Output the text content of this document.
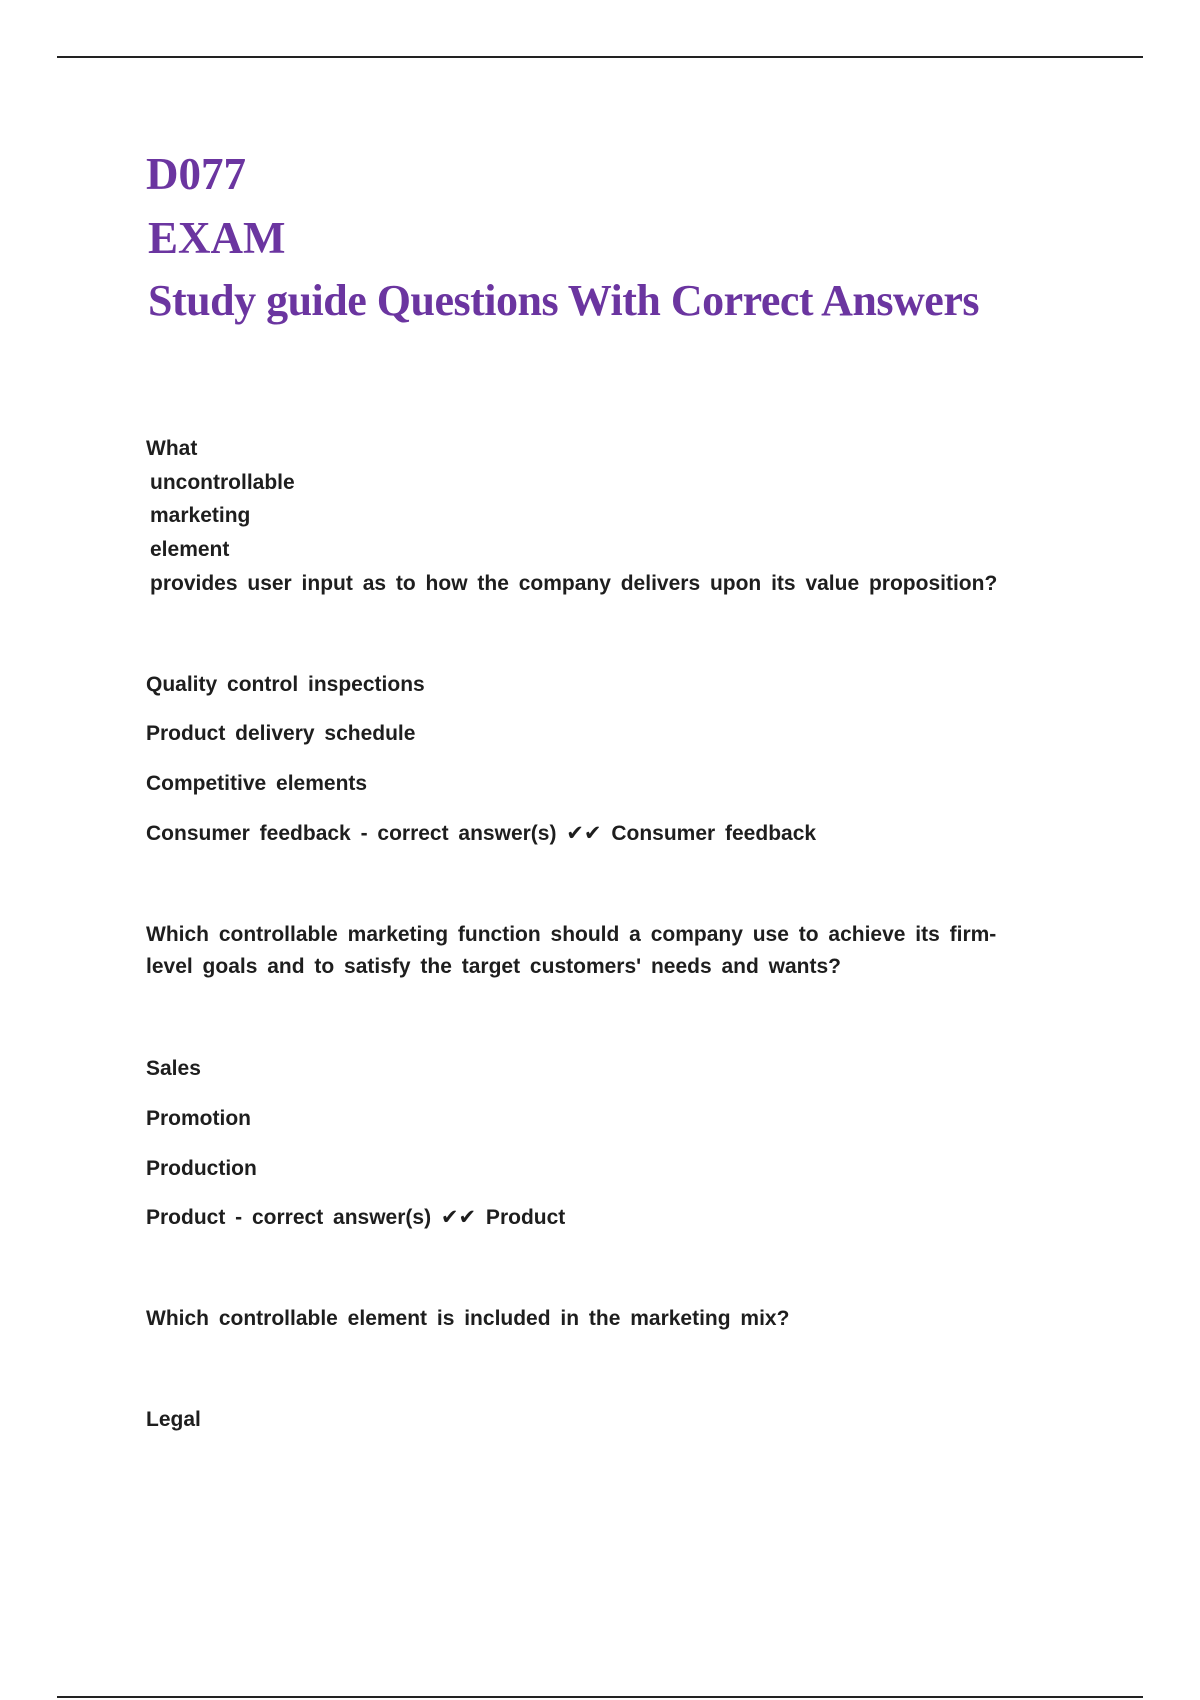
D077
EXAM
Study guide Questions With Correct Answers
What
uncontrollable
marketing
element
provides user input as to how the company delivers upon its value proposition?
Quality control inspections
Product delivery schedule
Competitive elements
Consumer feedback - correct answer(s) ✔✔ Consumer feedback
Which controllable marketing function should a company use to achieve its firm-
level goals and to satisfy the target customers' needs and wants?
Sales
Promotion
Production
Product - correct answer(s) ✔✔ Product
Which controllable element is included in the marketing mix?
Legal
